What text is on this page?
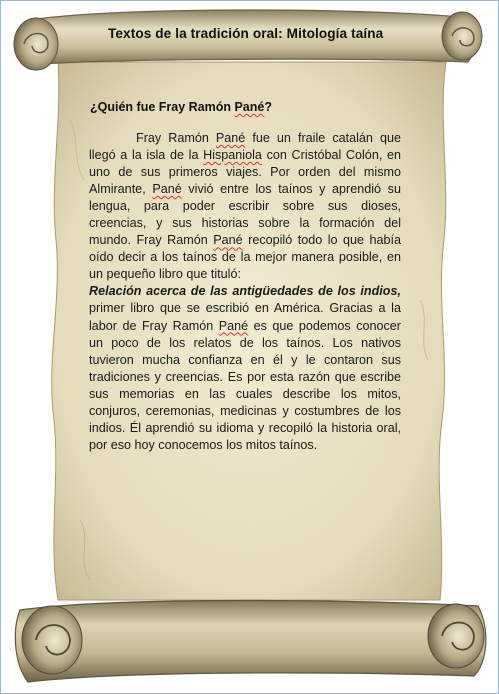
Textos de la tradición oral: Mitología taína
¿Quién fue Fray Ramón Pané?

Fray Ramón Pané fue un fraile catalán que llegó a la isla de la Hispaniola con Cristóbal Colón, en uno de sus primeros viajes. Por orden del mismo Almirante, Pané vivió entre los taínos y aprendió su lengua, para poder escribir sobre sus dioses, creencias, y sus historias sobre la formación del mundo. Fray Ramón Pané recopiló todo lo que había oído decir a los taínos de la mejor manera posible, en un pequeño libro que tituló:

Relación acerca de las antigüedades de los indios, primer libro que se escribió en América. Gracias a la labor de Fray Ramón Pané es que podemos conocer un poco de los relatos de los taínos. Los nativos tuvieron mucha confianza en él y le contaron sus tradiciones y creencias. Es por esta razón que escribe sus memorias en las cuales describe los mitos, conjuros, ceremonias, medicinas y costumbres de los indios. Él aprendió su idioma y recopiló la historia oral, por eso hoy conocemos los mitos taínos.
